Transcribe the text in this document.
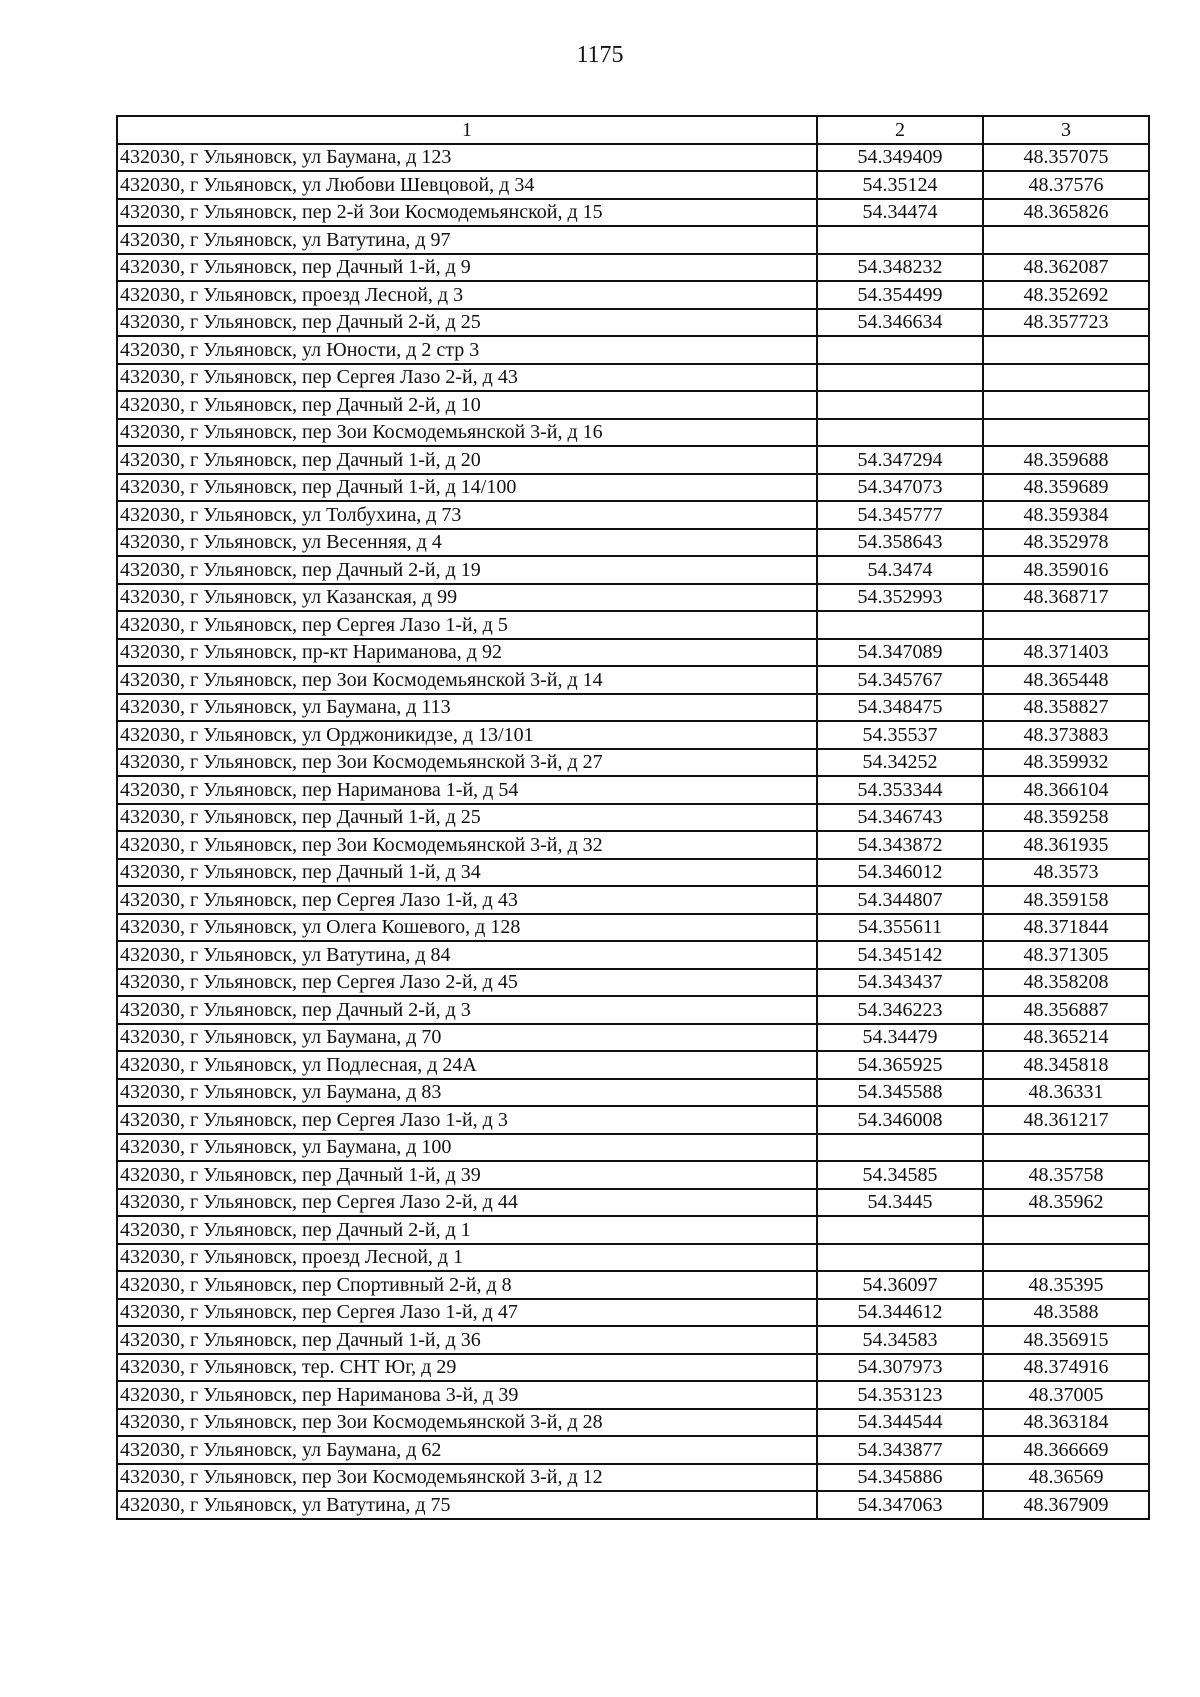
1175
1	2	3
432030, г Ульяновск, ул Баумана, д 123	54.349409	48.357075
432030, г Ульяновск, ул Любови Шевцовой, д 34	54.35124	48.37576
432030, г Ульяновск, пер 2-й Зои Космодемьянской, д 15	54.34474	48.365826
432030, г Ульяновск, ул Ватутина, д 97		
432030, г Ульяновск, пер Дачный 1-й, д 9	54.348232	48.362087
432030, г Ульяновск, проезд Лесной, д 3	54.354499	48.352692
432030, г Ульяновск, пер Дачный 2-й, д 25	54.346634	48.357723
432030, г Ульяновск, ул Юности, д 2 стр 3		
432030, г Ульяновск, пер Сергея Лазо 2-й, д 43		
432030, г Ульяновск, пер Дачный 2-й, д 10		
432030, г Ульяновск, пер Зои Космодемьянской 3-й, д 16		
432030, г Ульяновск, пер Дачный 1-й, д 20	54.347294	48.359688
432030, г Ульяновск, пер Дачный 1-й, д 14/100	54.347073	48.359689
432030, г Ульяновск, ул Толбухина, д 73	54.345777	48.359384
432030, г Ульяновск, ул Весенняя, д 4	54.358643	48.352978
432030, г Ульяновск, пер Дачный 2-й, д 19	54.3474	48.359016
432030, г Ульяновск, ул Казанская, д 99	54.352993	48.368717
432030, г Ульяновск, пер Сергея Лазо 1-й, д 5		
432030, г Ульяновск, пр-кт Нариманова, д 92	54.347089	48.371403
432030, г Ульяновск, пер Зои Космодемьянской 3-й, д 14	54.345767	48.365448
432030, г Ульяновск, ул Баумана, д 113	54.348475	48.358827
432030, г Ульяновск, ул Орджоникидзе, д 13/101	54.35537	48.373883
432030, г Ульяновск, пер Зои Космодемьянской 3-й, д 27	54.34252	48.359932
432030, г Ульяновск, пер Нариманова 1-й, д 54	54.353344	48.366104
432030, г Ульяновск, пер Дачный 1-й, д 25	54.346743	48.359258
432030, г Ульяновск, пер Зои Космодемьянской 3-й, д 32	54.343872	48.361935
432030, г Ульяновск, пер Дачный 1-й, д 34	54.346012	48.3573
432030, г Ульяновск, пер Сергея Лазо 1-й, д 43	54.344807	48.359158
432030, г Ульяновск, ул Олега Кошевого, д 128	54.355611	48.371844
432030, г Ульяновск, ул Ватутина, д 84	54.345142	48.371305
432030, г Ульяновск, пер Сергея Лазо 2-й, д 45	54.343437	48.358208
432030, г Ульяновск, пер Дачный 2-й, д 3	54.346223	48.356887
432030, г Ульяновск, ул Баумана, д 70	54.34479	48.365214
432030, г Ульяновск, ул Подлесная, д 24А	54.365925	48.345818
432030, г Ульяновск, ул Баумана, д 83	54.345588	48.36331
432030, г Ульяновск, пер Сергея Лазо 1-й, д 3	54.346008	48.361217
432030, г Ульяновск, ул Баумана, д 100		
432030, г Ульяновск, пер Дачный 1-й, д 39	54.34585	48.35758
432030, г Ульяновск, пер Сергея Лазо 2-й, д 44	54.3445	48.35962
432030, г Ульяновск, пер Дачный 2-й, д 1		
432030, г Ульяновск, проезд Лесной, д 1		
432030, г Ульяновск, пер Спортивный 2-й, д 8	54.36097	48.35395
432030, г Ульяновск, пер Сергея Лазо 1-й, д 47	54.344612	48.3588
432030, г Ульяновск, пер Дачный 1-й, д 36	54.34583	48.356915
432030, г Ульяновск, тер. СНТ Юг, д 29	54.307973	48.374916
432030, г Ульяновск, пер Нариманова 3-й, д 39	54.353123	48.37005
432030, г Ульяновск, пер Зои Космодемьянской 3-й, д 28	54.344544	48.363184
432030, г Ульяновск, ул Баумана, д 62	54.343877	48.366669
432030, г Ульяновск, пер Зои Космодемьянской 3-й, д 12	54.345886	48.36569
432030, г Ульяновск, ул Ватутина, д 75	54.347063	48.367909
